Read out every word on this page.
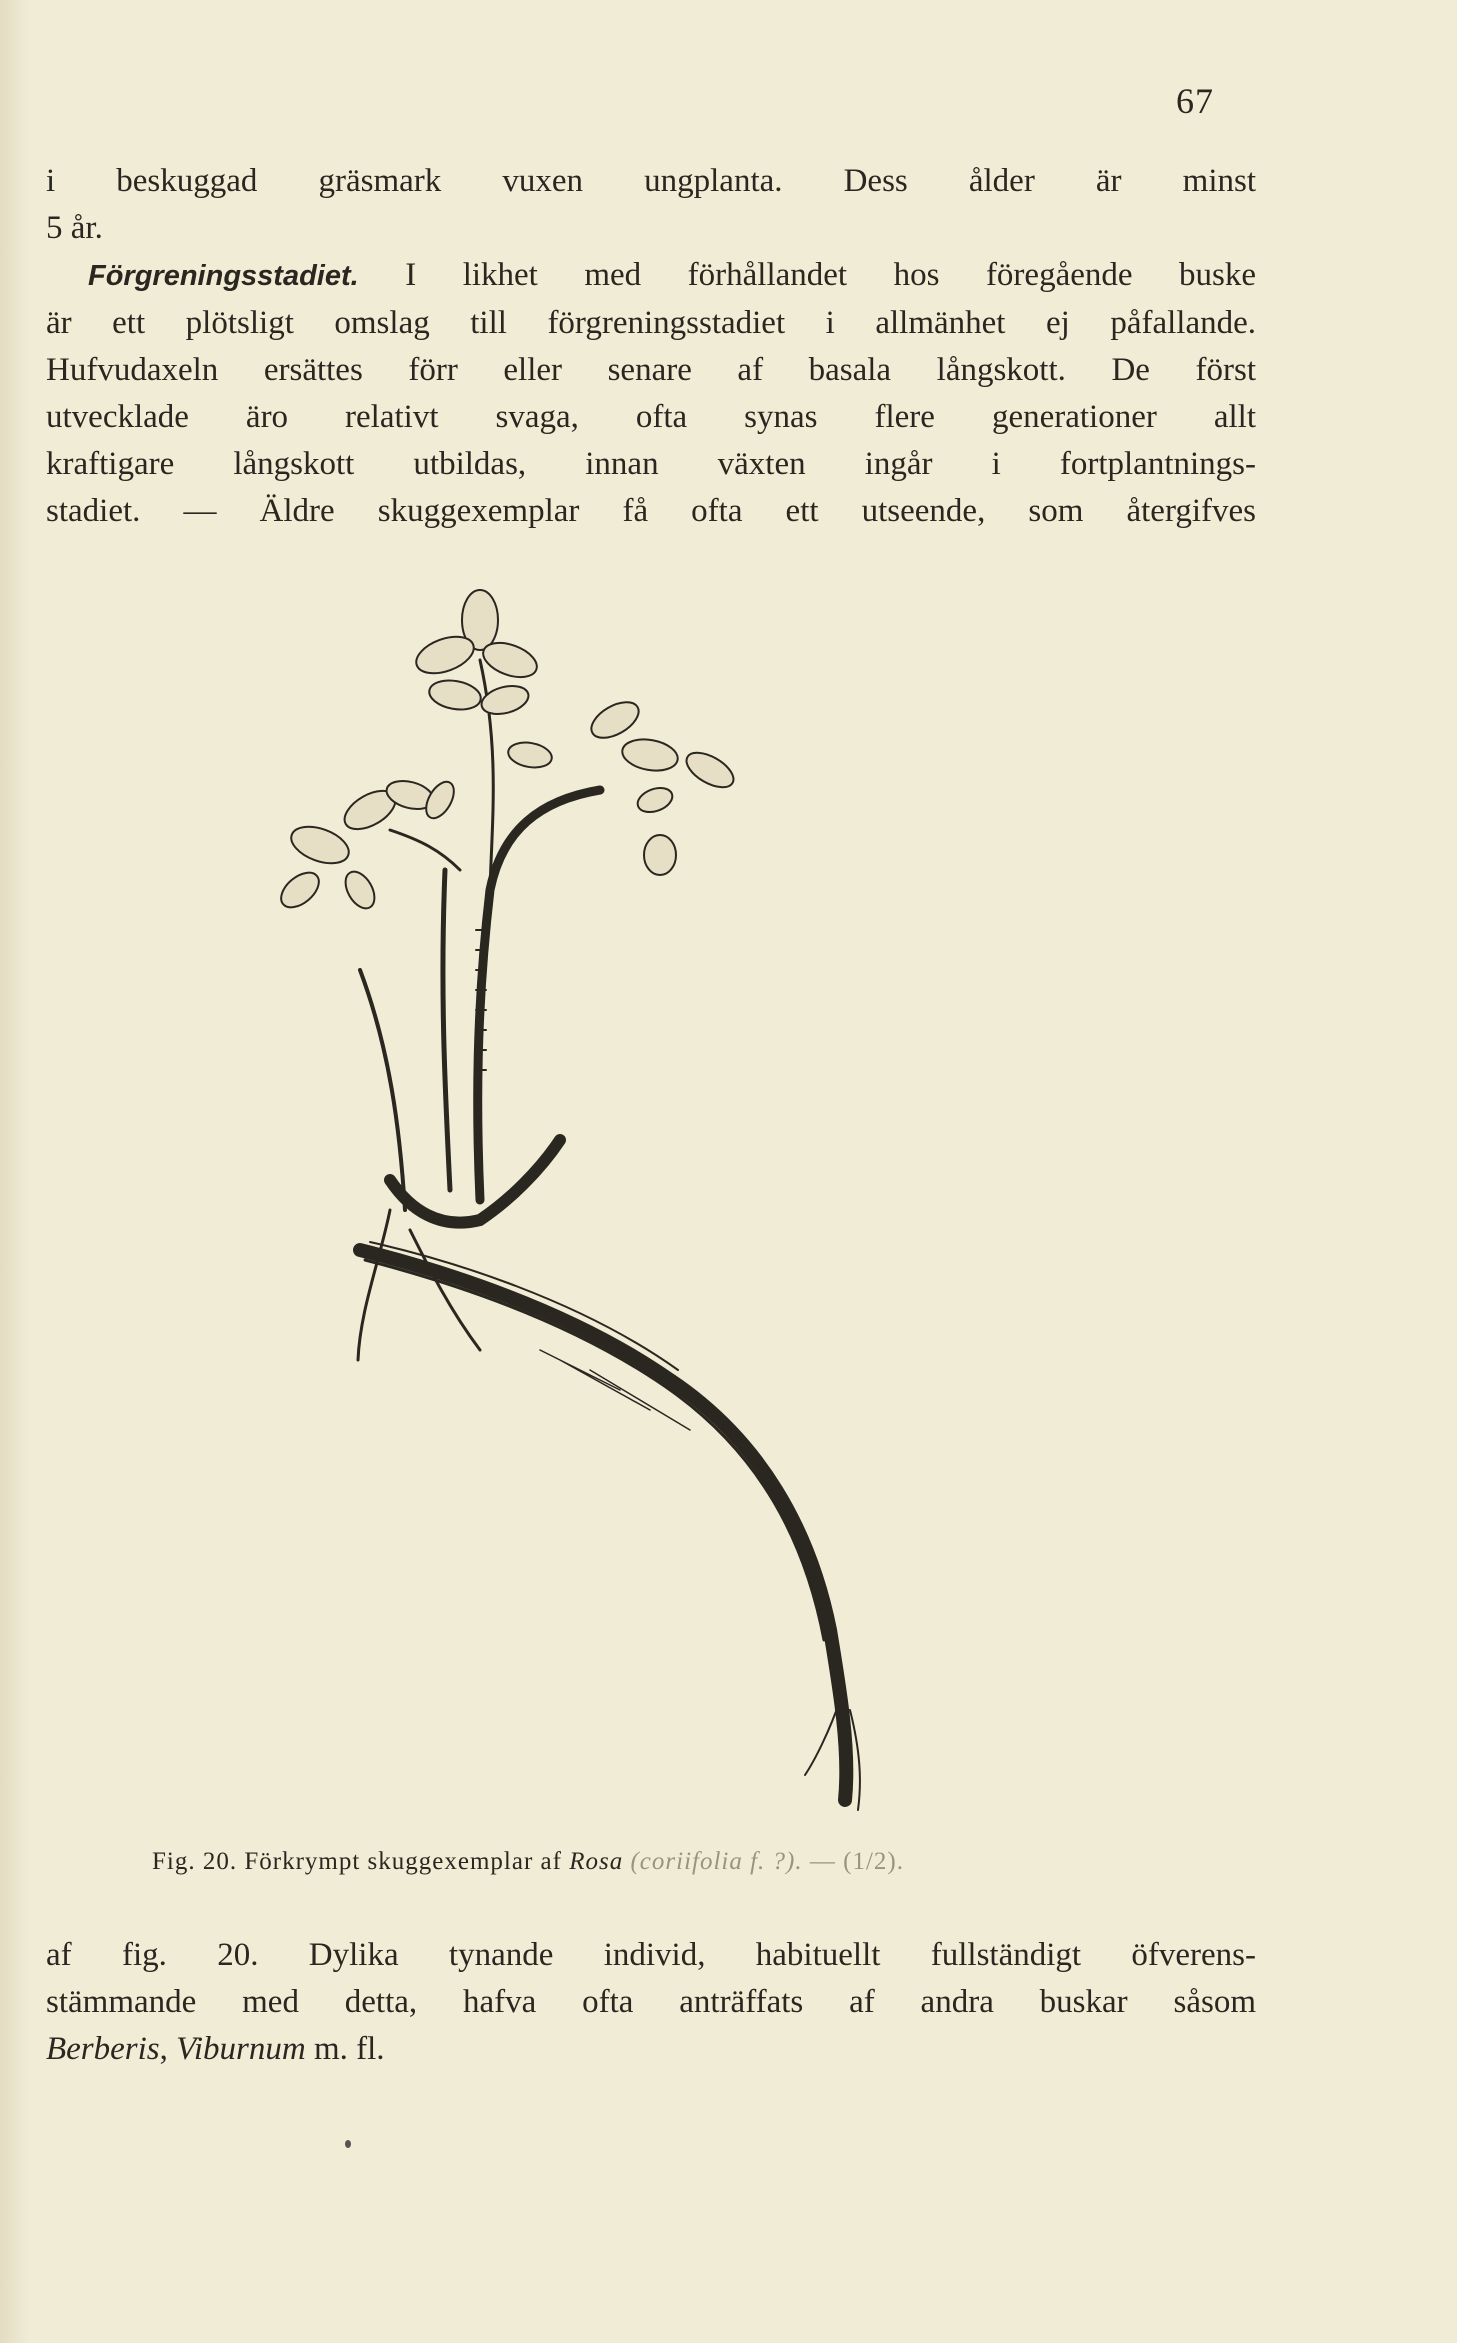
67
i beskuggad gräsmark vuxen ungplanta. Dess ålder är minst
5 år.
Förgreningsstadiet. I likhet med förhållandet hos föregående buske
är ett plötsligt omslag till förgreningsstadiet i allmänhet ej påfallande.
Hufvudaxeln ersättes förr eller senare af basala långskott. De först
utvecklade äro relativt svaga, ofta synas flere generationer allt
kraftigare långskott utbildas, innan växten ingår i fortplantnings-
stadiet. — Äldre skuggexemplar få ofta ett utseende, som återgifves
Fig. 20. Förkrympt skuggexemplar af Rosa (coriifolia f. ?). — (1/2).
af fig. 20. Dylika tynande individ, habituellt fullständigt öfverens-
stämmande med detta, hafva ofta anträffats af andra buskar såsom
Berberis, Viburnum m. fl.
